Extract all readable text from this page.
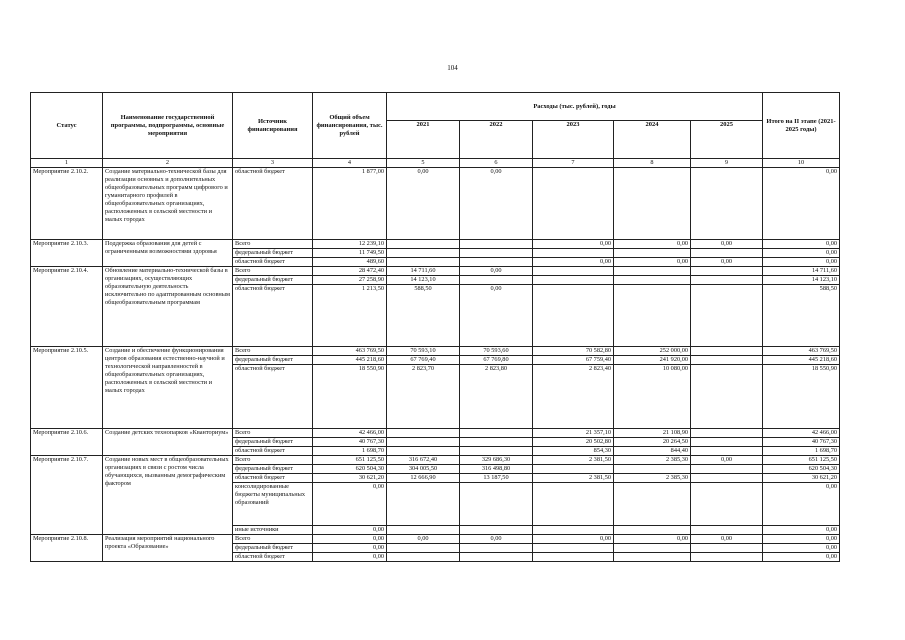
104
Статус	Наименование государственной программы, подпрограммы, основные мероприятия	Источник финансирования	Общий объем финансирования, тыс. рублей	Расходы (тыс. рублей), годы					Итого на II этапе (2021-2025 годы)
				2021	2022	2023	2024	2025	
1	2	3	4	5	6	7	8	9	10
Мероприятие 2.10.2.	Создание материально-технической базы для реализации основных и дополнительных общеобразовательных программ цифрового и гуманитарного профилей в общеобразовательных организациях, расположенных в сельской местности и малых городах	областной бюджет	1 877,00	0,00	0,00				0,00
Мероприятие 2.10.3.	Поддержка образования для детей с ограниченными возможностями здоровья	Всего	12 239,10			0,00	0,00	0,00	0,00
		федеральный бюджет	11 749,50						0,00
		областной бюджет	489,60			0,00	0,00	0,00	0,00
Мероприятие 2.10.4.	Обновление материально-технической базы в организациях, осуществляющих образовательную деятельность исключительно по адаптированным основным общеобразовательным программам	Всего	28 472,40	14 711,60	0,00				14 711,60
		федеральный бюджет	27 258,90	14 123,10					14 123,10
		областной бюджет	1 213,50	588,50	0,00				588,50
Мероприятие 2.10.5.	Создание и обеспечение функционирования центров образования естественно-научной и технологической направленностей в общеобразовательных организациях, расположенных в сельской местности и малых городах	Всего	463 769,50	70 593,10	70 593,60	70 582,80	252 000,00		463 769,50
		федеральный бюджет	445 218,60	67 769,40	67 769,80	67 759,40	241 920,00		445 218,60
		областной бюджет	18 550,90	2 823,70	2 823,80	2 823,40	10 080,00		18 550,90
Мероприятие 2.10.6.	Создание детских технопарков «Кванториум»	Всего	42 466,00			21 357,10	21 108,90		42 466,00
		федеральный бюджет	40 767,30			20 502,80	20 264,50		40 767,30
		областной бюджет	1 698,70			854,30	844,40		1 698,70
Мероприятие 2.10.7.	Создание новых мест в общеобразовательных организациях в связи с ростом числа обучающихся, вызванным демографическим фактором	Всего	651 125,50	316 672,40	329 686,30	2 381,50	2 385,30	0,00	651 125,50
		федеральный бюджет	620 504,30	304 005,50	316 498,80				620 504,30
		областной бюджет	30 621,20	12 666,90	13 187,50	2 381,50	2 385,30		30 621,20
		консолидированные бюджеты муниципальных образований	0,00						0,00
		иные источники	0,00						0,00
Мероприятие 2.10.8.	Реализация мероприятий национального проекта «Образование»	Всего	0,00	0,00	0,00	0,00	0,00	0,00	0,00
		федеральный бюджет	0,00						0,00
		областной бюджет	0,00						0,00
